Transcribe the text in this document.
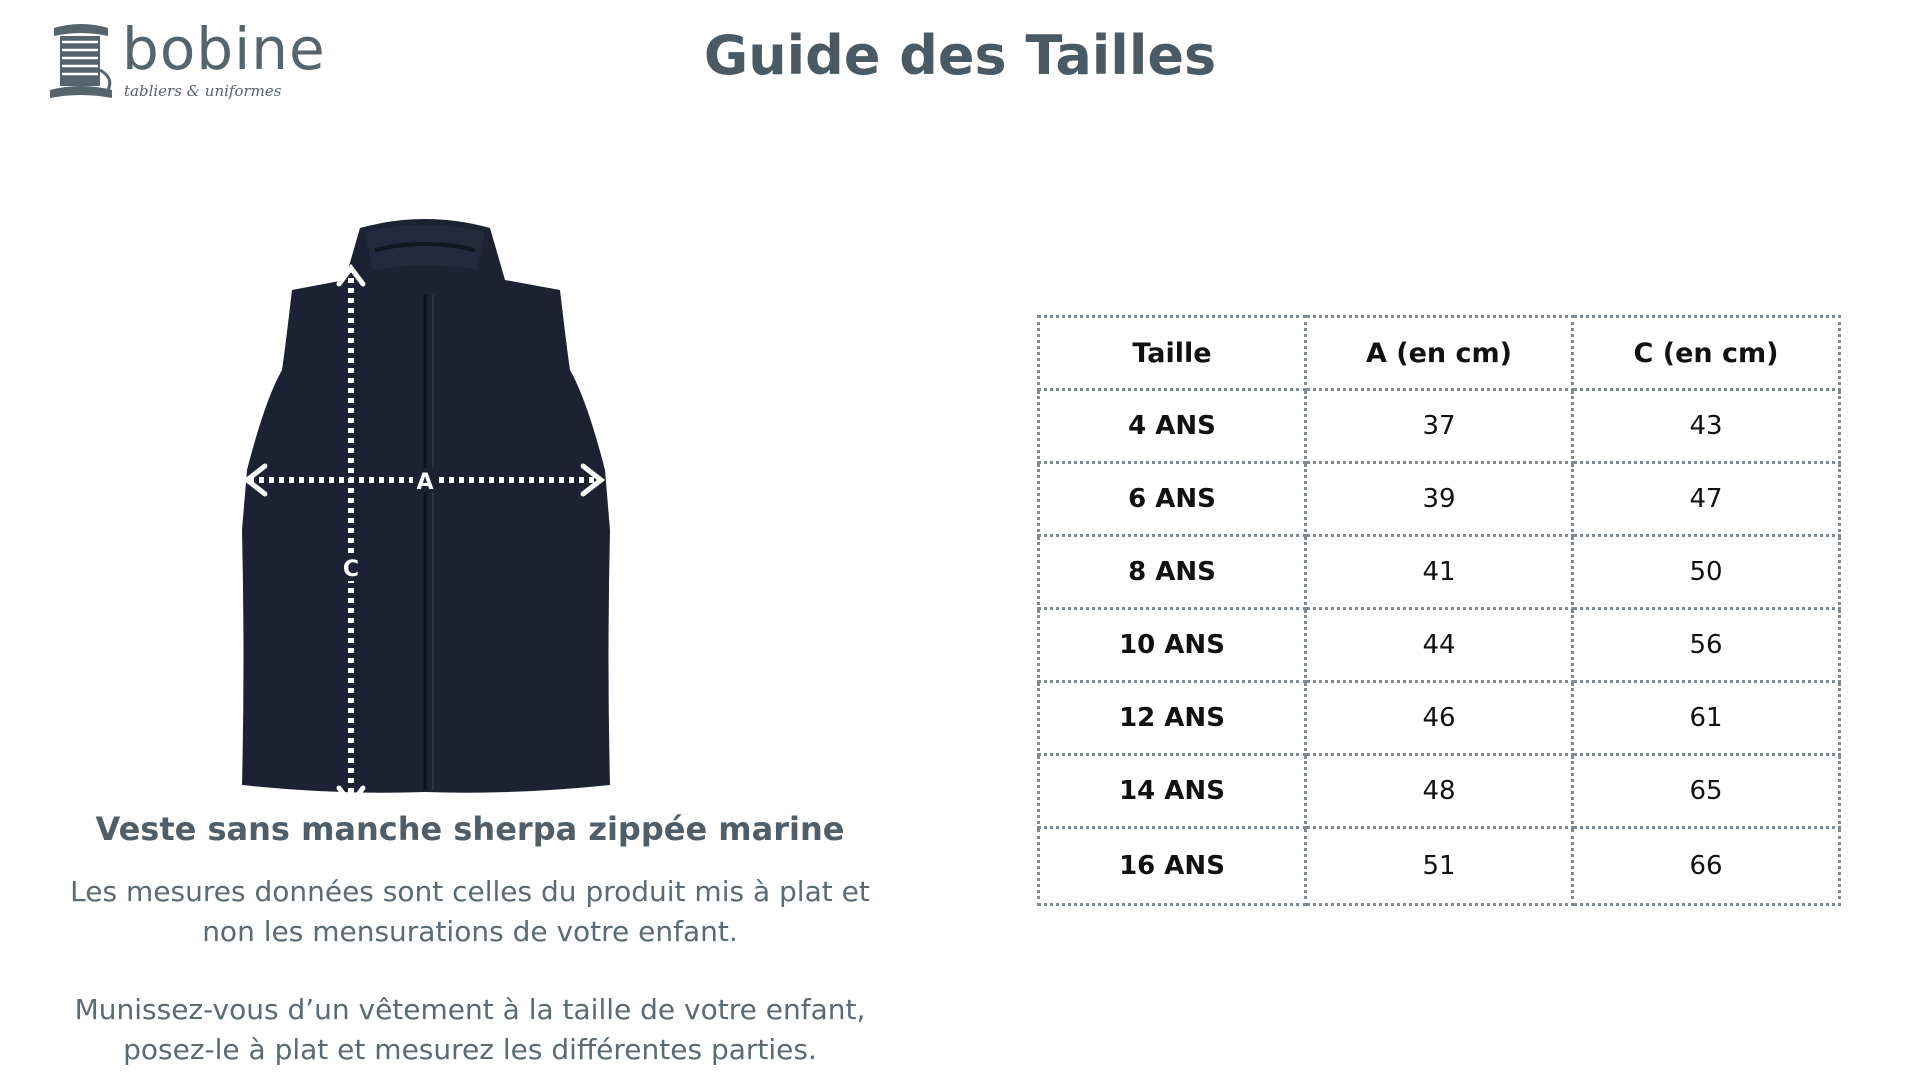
bobine
tabliers & uniformes
Guide des Tailles
A
C
Veste sans manche sherpa zippée marine
Les mesures données sont celles du produit mis à plat et non les mensurations de votre enfant.
Munissez-vous d’un vêtement à la taille de votre enfant, posez-le à plat et mesurez les différentes parties.
Taille	A (en cm)	C (en cm)
4 ANS	37	43
6 ANS	39	47
8 ANS	41	50
10 ANS	44	56
12 ANS	46	61
14 ANS	48	65
16 ANS	51	66
